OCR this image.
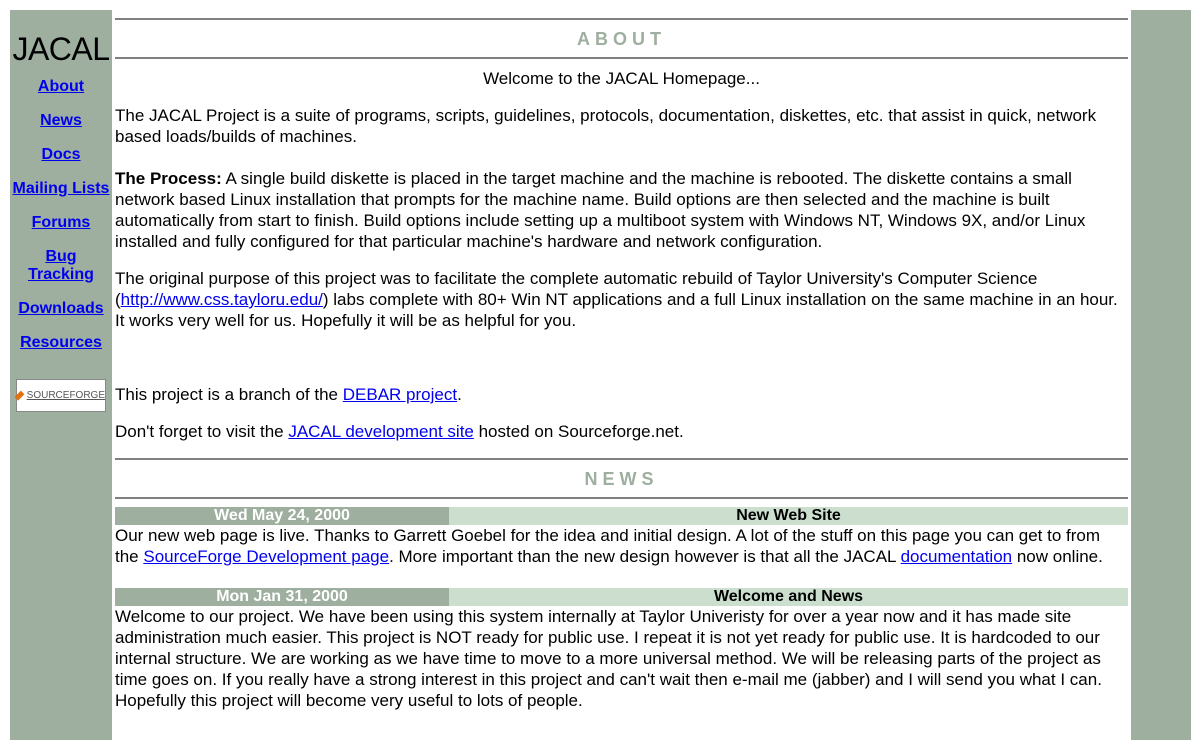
JACAL
About
News
Docs
Mailing Lists
Forums
Bug Tracking
Downloads
Resources
SOURCEFORGE
ABOUT

Welcome to the JACAL Homepage...

The JACAL Project is a suite of programs, scripts, guidelines, protocols, documentation, diskettes, etc. that assist in quick, network based loads/builds of machines.

The Process: A single build diskette is placed in the target machine and the machine is rebooted. The diskette contains a small network based Linux installation that prompts for the machine name. Build options are then selected and the machine is built automatically from start to finish. Build options include setting up a multiboot system with Windows NT, Windows 9X, and/or Linux installed and fully configured for that particular machine's hardware and network configuration.

The original purpose of this project was to facilitate the complete automatic rebuild of Taylor University's Computer Science (http://www.css.tayloru.edu/) labs complete with 80+ Win NT applications and a full Linux installation on the same machine in an hour. It works very well for us. Hopefully it will be as helpful for you.

This project is a branch of the DEBAR project.

Don't forget to visit the JACAL development site hosted on Sourceforge.net.

NEWS
Wed May 24, 2000	New Web Site

Our new web page is live. Thanks to Garrett Goebel for the idea and initial design. A lot of the stuff on this page you can get to from the SourceForge Development page. More important than the new design however is that all the JACAL documentation now online.

Mon Jan 31, 2000	Welcome and News

Welcome to our project. We have been using this system internally at Taylor Univeristy for over a year now and it has made site administration much easier. This project is NOT ready for public use. I repeat it is not yet ready for public use. It is hardcoded to our internal structure. We are working as we have time to move to a more universal method. We will be releasing parts of the project as time goes on. If you really have a strong interest in this project and can't wait then e-mail me (jabber) and I will send you what I can. Hopefully this project will become very useful to lots of people.
